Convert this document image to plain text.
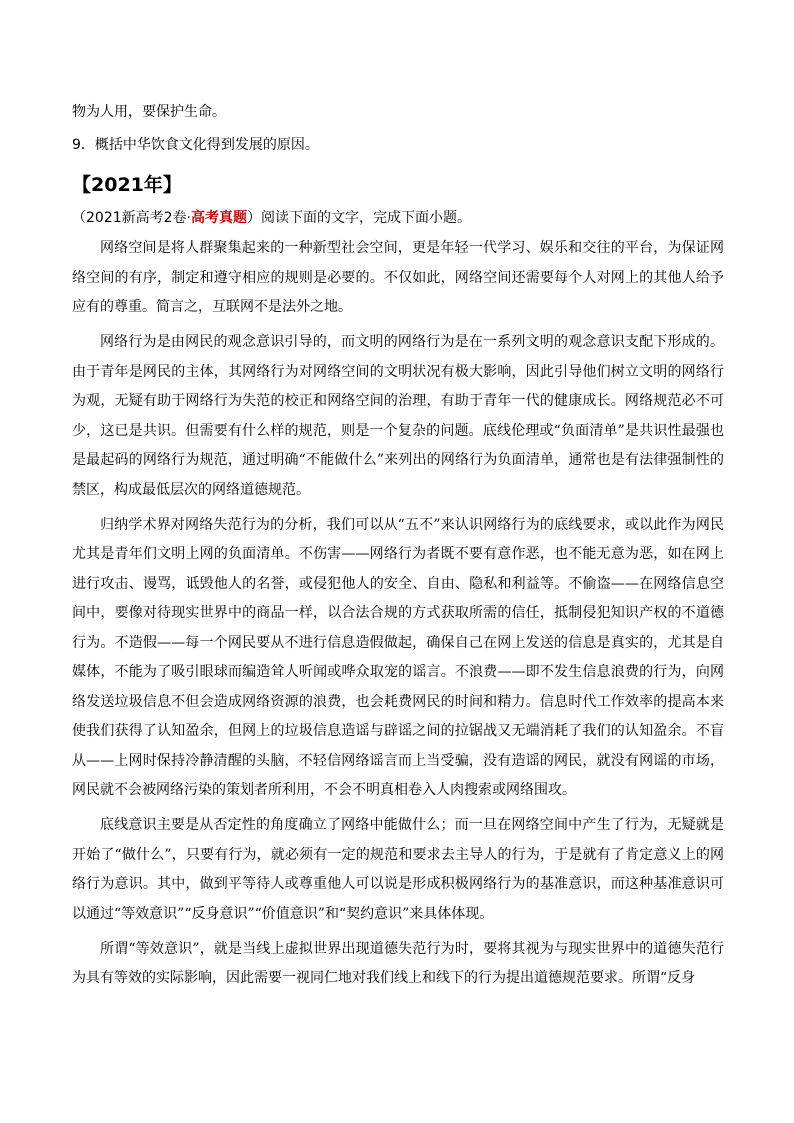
物为人用，要保护生命。
9．概括中华饮食文化得到发展的原因。
【2021年】
（2021新高考2卷·高考真题）阅读下面的文字，完成下面小题。

网络空间是将人群聚集起来的一种新型社会空间，更是年轻一代学习、娱乐和交往的平台，为保证网络空间的有序，制定和遵守相应的规则是必要的。不仅如此，网络空间还需要每个人对网上的其他人给予应有的尊重。简言之，互联网不是法外之地。

网络行为是由网民的观念意识引导的，而文明的网络行为是在一系列文明的观念意识支配下形成的。由于青年是网民的主体，其网络行为对网络空间的文明状况有极大影响，因此引导他们树立文明的网络行为观，无疑有助于网络行为失范的校正和网络空间的治理，有助于青年一代的健康成长。网络规范必不可少，这已是共识。但需要有什么样的规范，则是一个复杂的问题。底线伦理或“负面清单”是共识性最强也是最起码的网络行为规范，通过明确“不能做什么”来列出的网络行为负面清单，通常也是有法律强制性的禁区，构成最低层次的网络道德规范。

归纳学术界对网络失范行为的分析，我们可以从“五不”来认识网络行为的底线要求，或以此作为网民尤其是青年们文明上网的负面清单。不伤害——网络行为者既不要有意作恶，也不能无意为恶，如在网上进行攻击、谩骂，诋毁他人的名誉，或侵犯他人的安全、自由、隐私和利益等。不偷盗——在网络信息空间中，要像对待现实世界中的商品一样，以合法合规的方式获取所需的信任，抵制侵犯知识产权的不道德行为。不造假——每一个网民要从不进行信息造假做起，确保自己在网上发送的信息是真实的，尤其是自媒体，不能为了吸引眼球而编造耸人听闻或哗众取宠的谣言。不浪费——即不发生信息浪费的行为，向网络发送垃圾信息不但会造成网络资源的浪费，也会耗费网民的时间和精力。信息时代工作效率的提高本来使我们获得了认知盈余，但网上的垃圾信息造谣与辟谣之间的拉锯战又无端消耗了我们的认知盈余。不盲从——上网时保持冷静清醒的头脑，不轻信网络谣言而上当受骗，没有造谣的网民，就没有网谣的市场，网民就不会被网络污染的策划者所利用，不会不明真相卷入人肉搜索或网络围攻。

底线意识主要是从否定性的角度确立了网络中能做什么；而一旦在网络空间中产生了行为，无疑就是开始了“做什么”，只要有行为，就必须有一定的规范和要求去主导人的行为，于是就有了肯定意义上的网络行为意识。其中，做到平等待人或尊重他人可以说是形成积极网络行为的基准意识，而这种基准意识可以通过“等效意识”“反身意识”“价值意识”和“契约意识”来具体体现。

所谓“等效意识”，就是当线上虚拟世界出现道德失范行为时，要将其视为与现实世界中的道德失范行为具有等效的实际影响，因此需要一视同仁地对我们线上和线下的行为提出道德规范要求。所谓“反身
